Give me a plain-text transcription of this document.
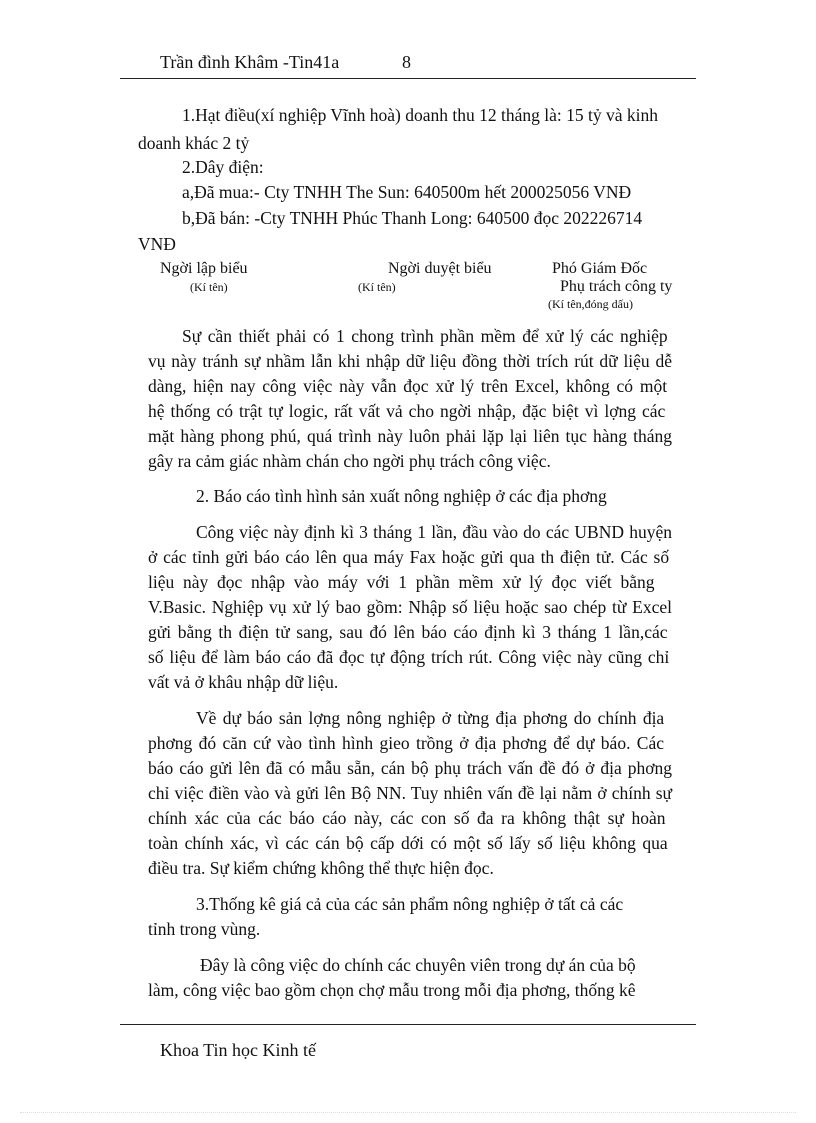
Trần đình Khâm -Tin41a	8
1.Hạt điều(xí nghiệp Vĩnh hoà) doanh thu 12 tháng là: 15 tỷ và kinh
doanh khác 2 tỷ
2.Dây điện:
a,Đã mua:- Cty TNHH The Sun: 640500m hết 200025056 VNĐ
b,Đã bán: -Cty TNHH Phúc Thanh Long: 640500 đọc 202226714
VNĐ
Ngời lập biểu
(Kí tên)
Ngời duyệt biểu
(Kí tên)
Phó Giám Đốc
Phụ trách công ty
(Kí tên,đóng dấu)
Sự cần thiết phải có 1 chong trình phần mềm để xử lý các nghiệp
vụ này tránh sự nhầm lẫn khi nhập dữ liệu đồng thời trích rút dữ liệu dễ
dàng, hiện nay công việc này vẫn đọc xử lý trên Excel, không có một
hệ thống có trật tự logic, rất vất vả cho ngời nhập, đặc biệt vì lợng các
mặt hàng phong phú, quá trình này luôn phải lặp lại liên tục hàng tháng
gây ra cảm giác nhàm chán cho ngời phụ trách công việc.
2. Báo cáo tình hình sản xuất nông nghiệp ở các địa phơng
Công việc này định kì 3 tháng 1 lần, đầu vào do các UBND huyện
ở các tỉnh gửi báo cáo lên qua máy Fax hoặc gửi qua th điện tử. Các số
liệu này đọc nhập vào máy với 1 phần mềm xử lý đọc viết bằng
V.Basic. Nghiệp vụ xử lý bao gồm: Nhập số liệu hoặc sao chép từ Excel
gửi bằng th điện tử sang, sau đó lên báo cáo định kì 3 tháng 1 lần,các
số liệu để làm báo cáo đã đọc tự động trích rút. Công việc này cũng chỉ
vất vả ở khâu nhập dữ liệu.
Về dự báo sản lợng nông nghiệp ở từng địa phơng do chính địa
phơng đó căn cứ vào tình hình gieo trồng ở địa phơng để dự báo. Các
báo cáo gửi lên đã có mẫu sẵn, cán bộ phụ trách vấn đề đó ở địa phơng
chỉ việc điền vào và gửi lên Bộ NN. Tuy nhiên vấn đề lại nằm ở chính sự
chính xác của các báo cáo này, các con số đa ra không thật sự hoàn
toàn chính xác, vì các cán bộ cấp dới có một số lấy số liệu không qua
điều tra. Sự kiểm chứng không thể thực hiện đọc.
3.Thống kê giá cả của các sản phẩm nông nghiệp ở tất cả các
tỉnh trong vùng.
Đây là công việc do chính các chuyên viên trong dự án của bộ
làm, công việc bao gồm chọn chợ mẫu trong mỗi địa phơng, thống kê
Khoa Tin học Kinh tế
